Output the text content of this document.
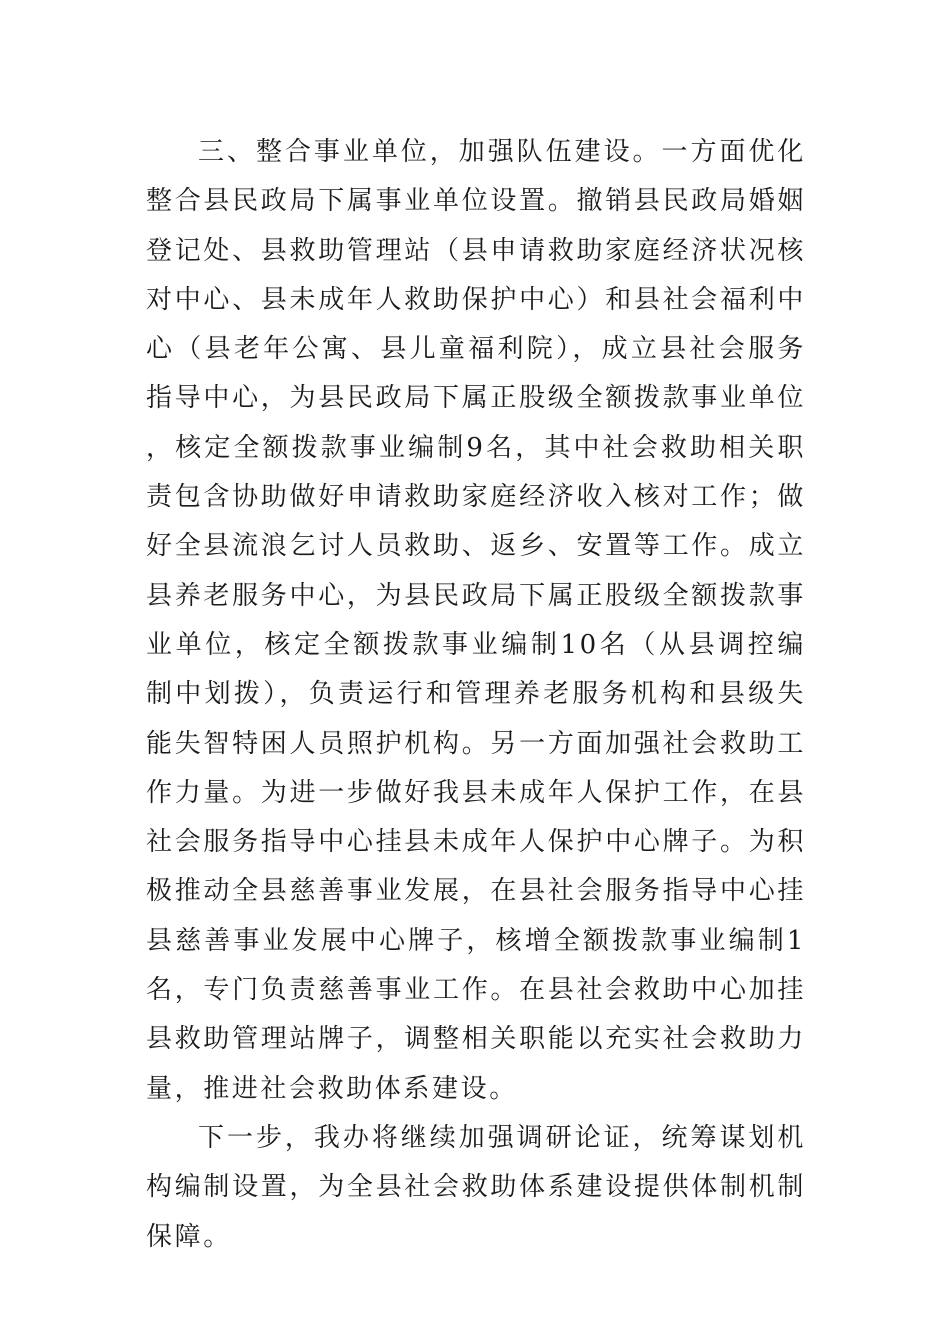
三、整合事业单位，加强队伍建设。一方面优化整合县民政局下属事业单位设置。撤销县民政局婚姻登记处、县救助管理站（县申请救助家庭经济状况核对中心、县未成年人救助保护中心）和县社会福利中心（县老年公寓、县儿童福利院），成立县社会服务指导中心，为县民政局下属正股级全额拨款事业单位，核定全额拨款事业编制9名，其中社会救助相关职责包含协助做好申请救助家庭经济收入核对工作；做好全县流浪乞讨人员救助、返乡、安置等工作。成立县养老服务中心，为县民政局下属正股级全额拨款事业单位，核定全额拨款事业编制10名（从县调控编制中划拨），负责运行和管理养老服务机构和县级失能失智特困人员照护机构。另一方面加强社会救助工作力量。为进一步做好我县未成年人保护工作，在县社会服务指导中心挂县未成年人保护中心牌子。为积极推动全县慈善事业发展，在县社会服务指导中心挂县慈善事业发展中心牌子，核增全额拨款事业编制1名，专门负责慈善事业工作。在县社会救助中心加挂县救助管理站牌子，调整相关职能以充实社会救助力量，推进社会救助体系建设。

下一步，我办将继续加强调研论证，统筹谋划机构编制设置，为全县社会救助体系建设提供体制机制保障。
